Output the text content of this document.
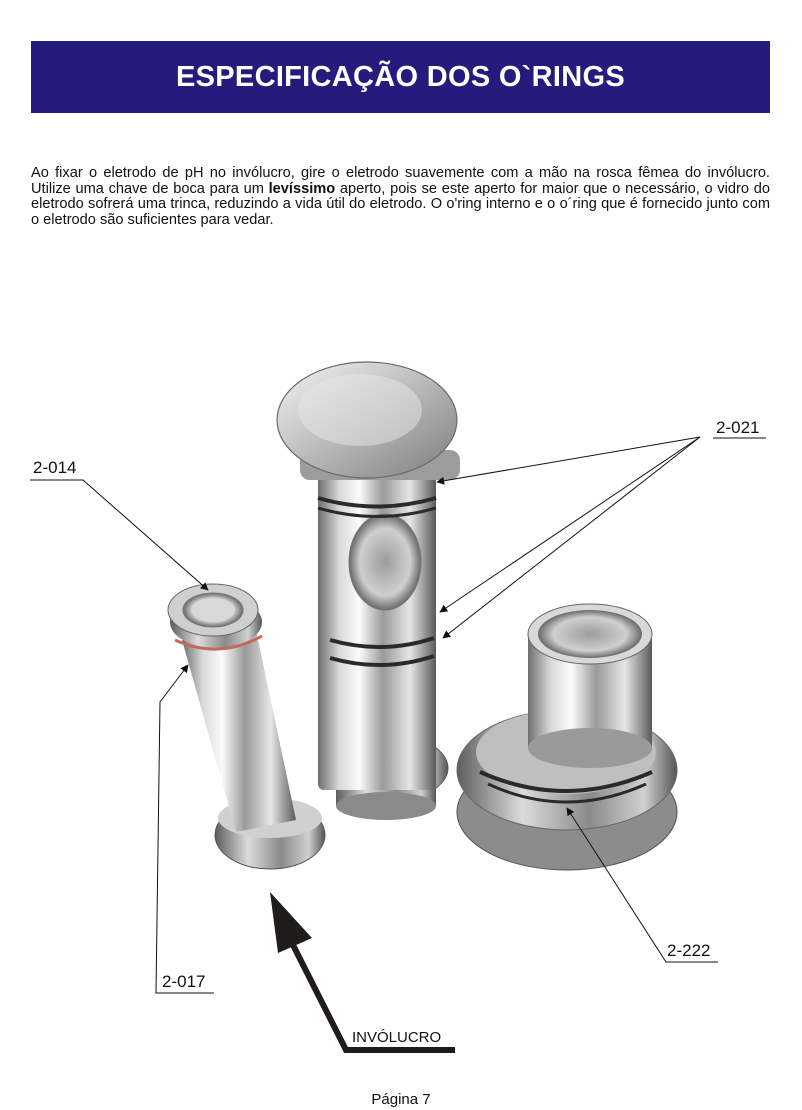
ESPECIFICAÇÃO DOS O`RINGS

Ao fixar o eletrodo de pH no invólucro, gire o eletrodo suavemente com a mão na rosca fêmea do invólucro. Utilize uma chave de boca para um levíssimo aperto, pois se este aperto for maior que o necessário, o vidro do eletrodo sofrerá uma trinca, reduzindo a vida útil do eletrodo. O o'ring interno e o o´ring que é fornecido junto com o eletrodo são suficientes para vedar.

2-021
2-014
2-017
2-222
INVÓLUCRO
Página 7
